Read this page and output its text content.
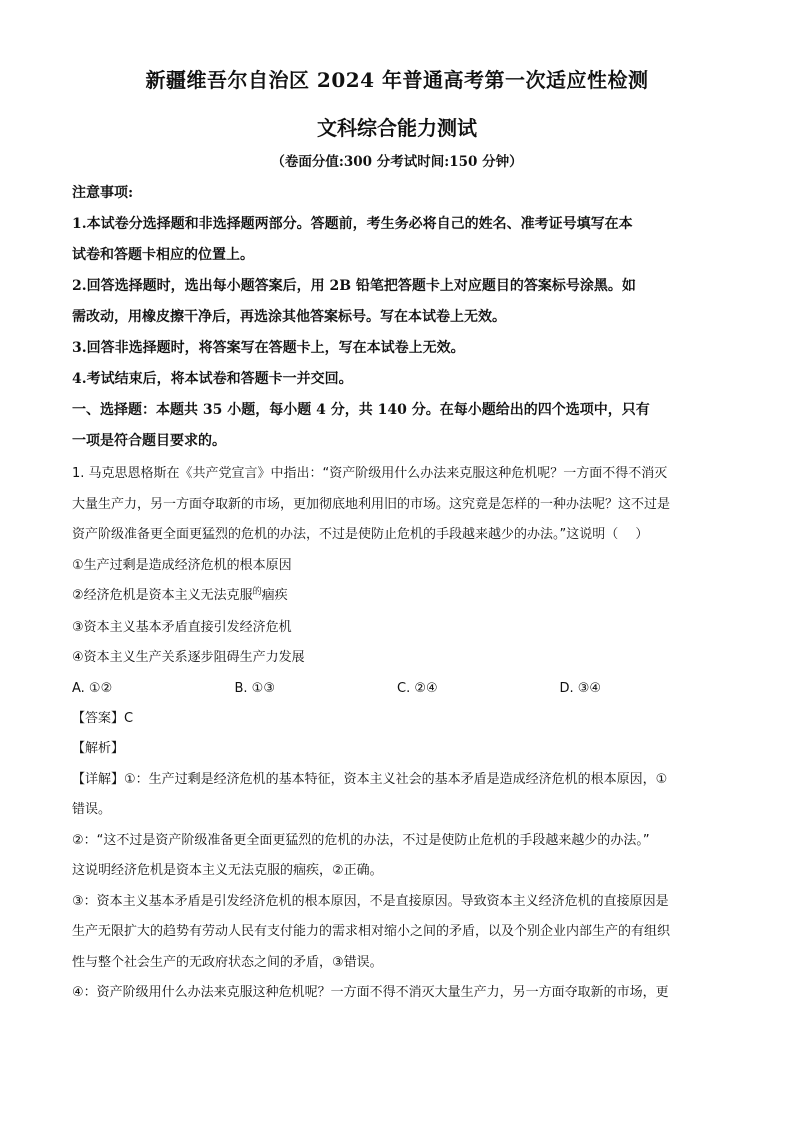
新疆维吾尔自治区 2024 年普通高考第一次适应性检测
文科综合能力测试
（卷面分值:300 分考试时间:150 分钟）

注意事项:

1.本试卷分选择题和非选择题两部分。答题前，考生务必将自己的姓名、准考证号填写在本

试卷和答题卡相应的位置上。

2.回答选择题时，选出每小题答案后，用 2B 铅笔把答题卡上对应题目的答案标号涂黑。如

需改动，用橡皮擦干净后，再选涂其他答案标号。写在本试卷上无效。

3.回答非选择题时，将答案写在答题卡上，写在本试卷上无效。

4.考试结束后，将本试卷和答题卡一并交回。

一、选择题：本题共 35 小题，每小题 4 分，共 140 分。在每小题给出的四个选项中，只有

一项是符合题目要求的。

1. 马克思恩格斯在《共产党宣言》中指出：“资产阶级用什么办法来克服这种危机呢？一方面不得不消灭

大量生产力，另一方面夺取新的市场，更加彻底地利用旧的市场。这究竟是怎样的一种办法呢？这不过是

资产阶级准备更全面更猛烈的危机的办法，不过是使防止危机的手段越来越少的办法。”这说明（　 ）

①生产过剩是造成经济危机的根本原因

②经济危机是资本主义无法克服$^的$痼疾

③资本主义基本矛盾直接引发经济危机

④资本主义生产关系逐步阻碍生产力发展

A. ①②	B. ①③	C. ②④	D. ③④

【答案】C

【解析】

【详解】①：生产过剩是经济危机的基本特征，资本主义社会的基本矛盾是造成经济危机的根本原因，①

错误。

②：“这不过是资产阶级准备更全面更猛烈的危机的办法，不过是使防止危机的手段越来越少的办法。”

这说明经济危机是资本主义无法克服的痼疾，②正确。

③：资本主义基本矛盾是引发经济危机的根本原因，不是直接原因。导致资本主义经济危机的直接原因是

生产无限扩大的趋势有劳动人民有支付能力的需求相对缩小之间的矛盾，以及个别企业内部生产的有组织

性与整个社会生产的无政府状态之间的矛盾，③错误。

④：资产阶级用什么办法来克服这种危机呢？一方面不得不消灭大量生产力，另一方面夺取新的市场，更
